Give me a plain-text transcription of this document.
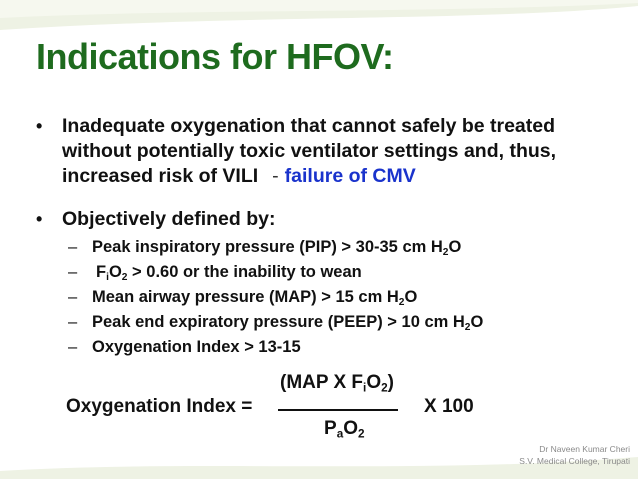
Indications for HFOV:
• Inadequate oxygenation that cannot safely be treated
without potentially toxic ventilator settings and, thus,
increased risk of VILI - failure of CMV
• Objectively defined by:
– Peak inspiratory pressure (PIP) > 30-35 cm $H_2O$
– $F_iO_2 > 0.60$ or the inability to wean
– Mean airway pressure (MAP) > 15 cm $H_2O$
– Peak end expiratory pressure (PEEP) > 10 cm $H_2O$
– Oxygenation Index > 13-15
Oxygenation Index =
(MAP X $F_iO_2$)
$P_aO_2$
X 100
Dr Naveen Kumar Cheri
S.V. Medical College, Tirupati
